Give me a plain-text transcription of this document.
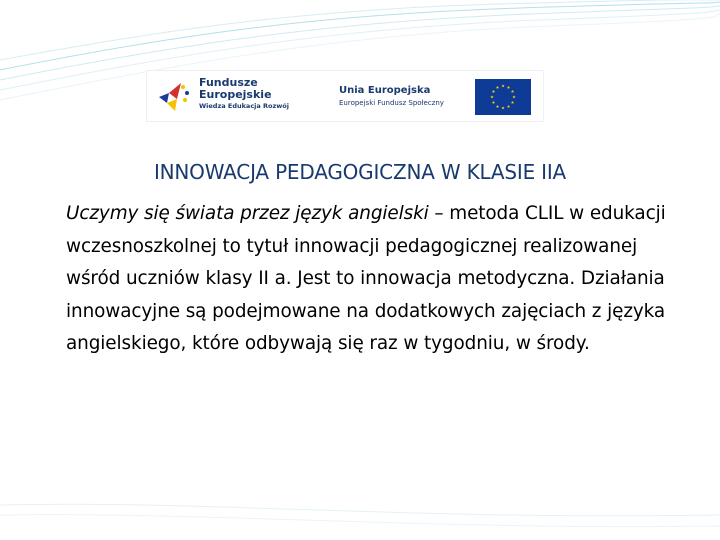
Fundusze
Europejskie
Wiedza Edukacja Rozwój
Unia Europejska
Europejski Fundusz Społeczny
INNOWACJA PEDAGOGICZNA W KLASIE IIA
Uczymy się świata przez język angielski – metoda CLIL w edukacji wczesnoszkolnej to tytuł innowacji pedagogicznej realizowanej wśród uczniów klasy II a. Jest to innowacja metodyczna. Działania innowacyjne są podejmowane na dodatkowych zajęciach z języka angielskiego, które odbywają się raz w tygodniu, w środy.
